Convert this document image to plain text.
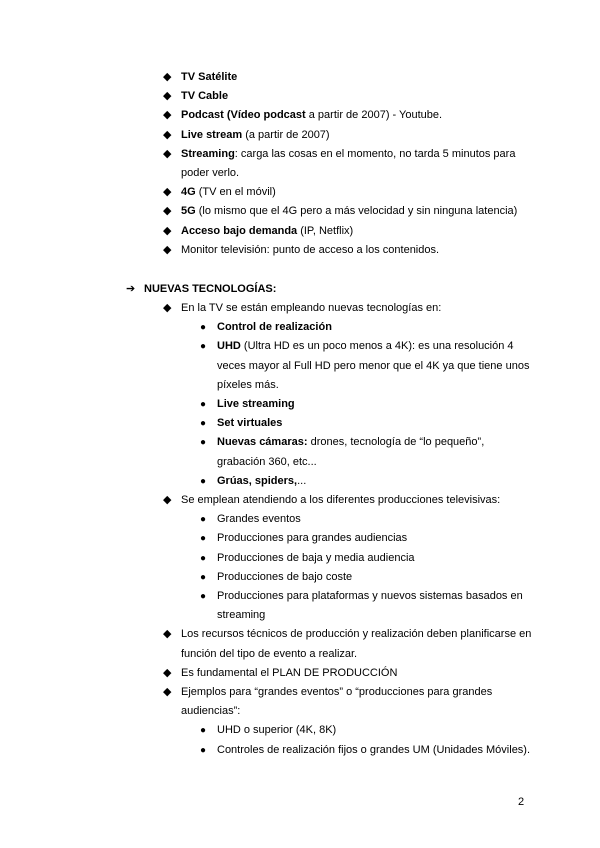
◆ TV Satélite
◆ TV Cable
◆ Podcast (Vídeo podcast a partir de 2007) - Youtube.
◆ Live stream (a partir de 2007)
◆ Streaming: carga las cosas en el momento, no tarda 5 minutos para poder verlo.
◆ 4G (TV en el móvil)
◆ 5G (lo mismo que el 4G pero a más velocidad y sin ninguna latencia)
◆ Acceso bajo demanda (IP, Netflix)
◆ Monitor televisión: punto de acceso a los contenidos.
➔ NUEVAS TECNOLOGÍAS:
◆ En la TV se están empleando nuevas tecnologías en:
● Control de realización
● UHD (Ultra HD es un poco menos a 4K): es una resolución 4 veces mayor al Full HD pero menor que el 4K ya que tiene unos píxeles más.
● Live streaming
● Set virtuales
● Nuevas cámaras: drones, tecnología de “lo pequeño”, grabación 360, etc...
● Grúas, spiders,...
◆ Se emplean atendiendo a los diferentes producciones televisivas:
● Grandes eventos
● Producciones para grandes audiencias
● Producciones de baja y media audiencia
● Producciones de bajo coste
● Producciones para plataformas y nuevos sistemas basados en streaming
◆ Los recursos técnicos de producción y realización deben planificarse en función del tipo de evento a realizar.
◆ Es fundamental el PLAN DE PRODUCCIÓN
◆ Ejemplos para “grandes eventos” o “producciones para grandes audiencias”:
● UHD o superior (4K, 8K)
● Controles de realización fijos o grandes UM (Unidades Móviles).
2
